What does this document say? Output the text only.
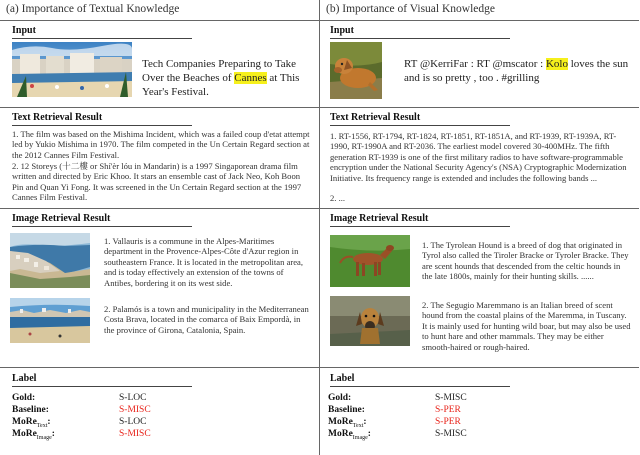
(a) Importance of Textual Knowledge
Input
Tech Companies Preparing to Take Over the Beaches of Cannes at This Year's Festival.
Text Retrieval Result
1. The film was based on the Mishima Incident, which was a failed coup d'etat attempt led by Yukio Mishima in 1970. The film competed in the Un Certain Regard section at the 2012 Cannes Film Festival.
2. 12 Storeys (十二樓 or Shí'èr lóu in Mandarin) is a 1997 Singaporean drama film written and directed by Eric Khoo. It stars an ensemble cast of Jack Neo, Koh Boon Pin and Quan Yi Fong. It was screened in the Un Certain Regard section at the 1997 Cannes Film Festival.
Image Retrieval Result
1. Vallauris is a commune in the Alpes-Maritimes department in the Provence-Alpes-Côte d'Azur region in southeastern France. It is located in the metropolitan area, and is today effectively an extension of the towns of Antibes, bordering it on its west side.
2. Palamós is a town and municipality in the Mediterranean Costa Brava, located in the comarca of Baix Empordà, in the province of Girona, Catalonia, Spain.
Label
Gold:	S-LOC
Baseline:	S-MISC
MoRe$_{Text}$:	S-LOC
MoRe$_{Image}$:	S-MISC
(b) Importance of Visual Knowledge
Input
RT @KerriFar : RT @mscator : Kolo loves the sun and is so pretty , too . #grilling
Text Retrieval Result
1. RT-1556, RT-1794, RT-1824, RT-1851, RT-1851A, and RT-1939, RT-1939A, RT-1990, RT-1990A and RT-2036. The earliest model covered 30-400MHz. The fifth generation RT-1939 is one of the first military radios to have software-programmable encryption under the National Security Agency's (NSA) Cryptographic Modernization Initiative. Its frequency range is extended and includes the following bands ...
2. ...
Image Retrieval Result
1. The Tyrolean Hound is a breed of dog that originated in Tyrol also called the Tiroler Bracke or Tyroler Bracke. They are scent hounds that descended from the celtic hounds in the late 1800s, mainly for their hunting skills. ......
2. The Segugio Maremmano is an Italian breed of scent hound from the coastal plains of the Maremma, in Tuscany. It is mainly used for hunting wild boar, but may also be used to hunt hare and other mammals. They may be either smooth-haired or rough-haired.
Label
Gold:	S-MISC
Baseline:	S-PER
MoRe$_{Text}$:	S-PER
MoRe$_{Image}$:	S-MISC
